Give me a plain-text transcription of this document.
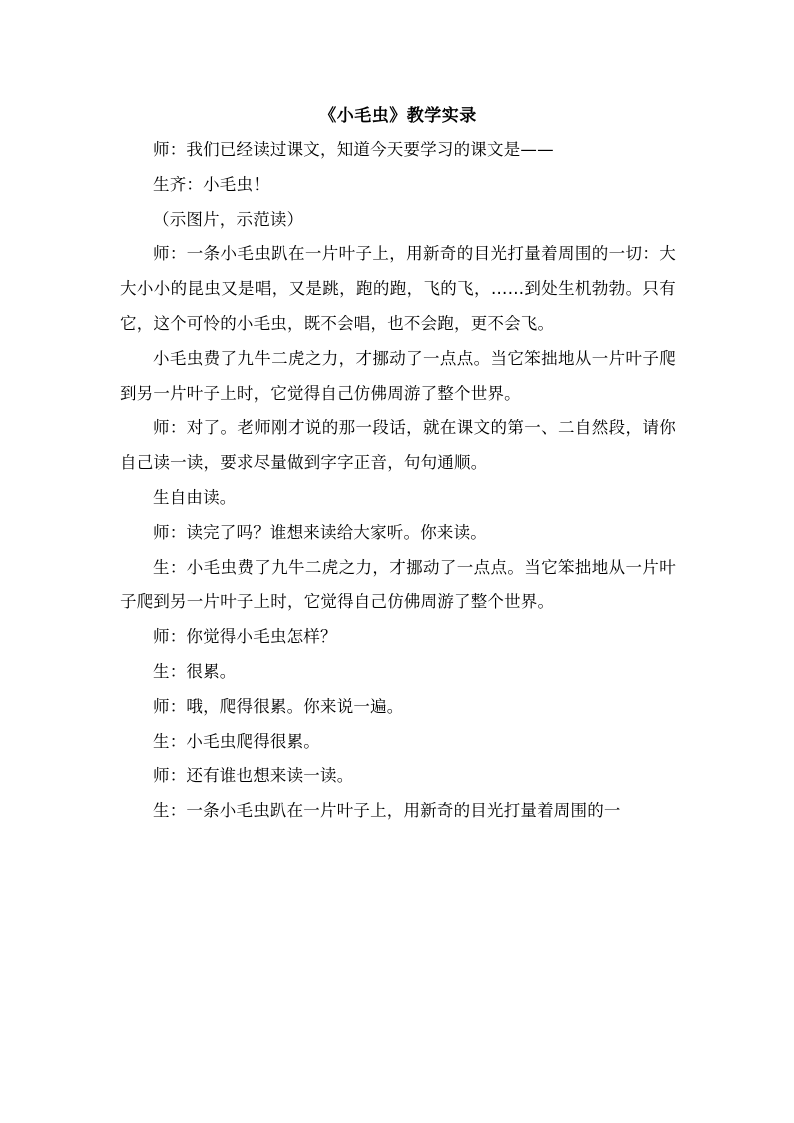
《小毛虫》教学实录

师：我们已经读过课文，知道今天要学习的课文是——

生齐：小毛虫！

（示图片，示范读）

师：一条小毛虫趴在一片叶子上，用新奇的目光打量着周围的一切：大大小小的昆虫又是唱，又是跳，跑的跑，飞的飞，……到处生机勃勃。只有它，这个可怜的小毛虫，既不会唱，也不会跑，更不会飞。

小毛虫费了九牛二虎之力，才挪动了一点点。当它笨拙地从一片叶子爬到另一片叶子上时，它觉得自己仿佛周游了整个世界。

师：对了。老师刚才说的那一段话，就在课文的第一、二自然段，请你自己读一读，要求尽量做到字字正音，句句通顺。

生自由读。

师：读完了吗？谁想来读给大家听。你来读。

生：小毛虫费了九牛二虎之力，才挪动了一点点。当它笨拙地从一片叶子爬到另一片叶子上时，它觉得自己仿佛周游了整个世界。

师：你觉得小毛虫怎样？

生：很累。

师：哦，爬得很累。你来说一遍。

生：小毛虫爬得很累。

师：还有谁也想来读一读。

生：一条小毛虫趴在一片叶子上，用新奇的目光打量着周围的一
